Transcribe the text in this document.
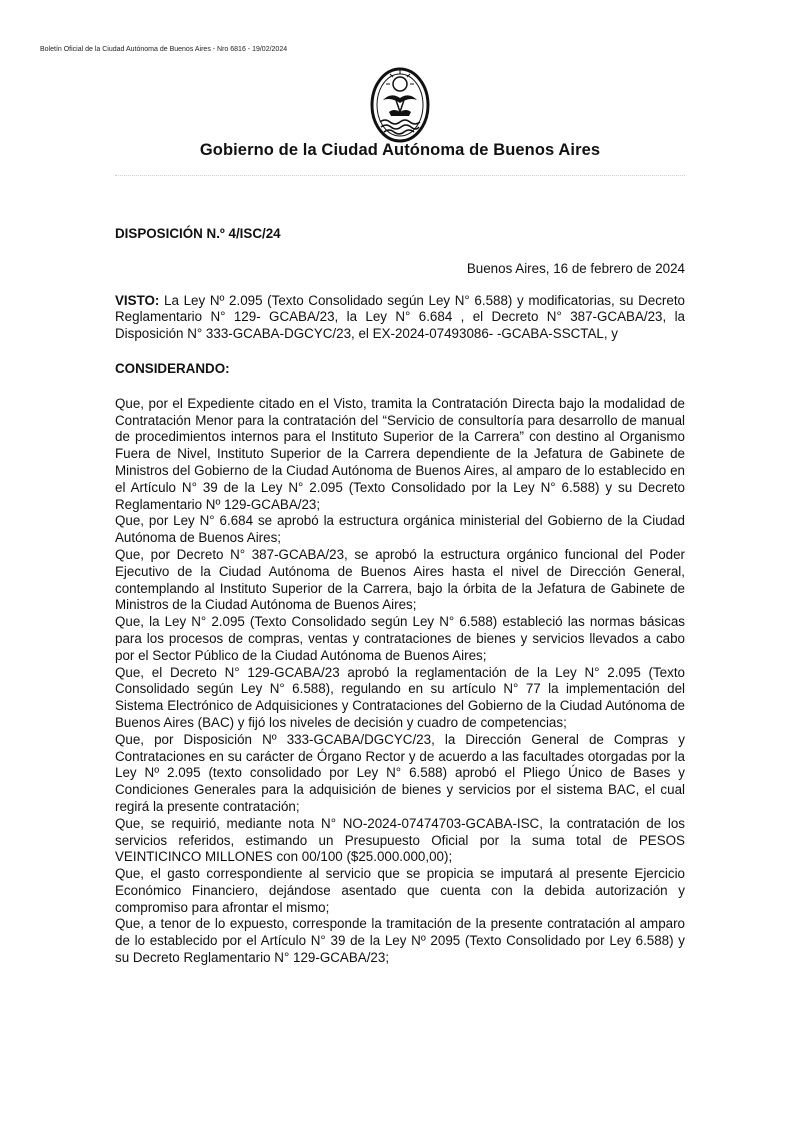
Boletín Oficial de la Ciudad Autónoma de Buenos Aires - Nro 6816 - 19/02/2024
Gobierno de la Ciudad Autónoma de Buenos Aires

DISPOSICIÓN N.º 4/ISC/24

Buenos Aires, 16 de febrero de 2024

VISTO: La Ley Nº 2.095 (Texto Consolidado según Ley N° 6.588) y modificatorias, su Decreto Reglamentario N° 129- GCABA/23, la Ley N° 6.684 , el Decreto N° 387-GCABA/23, la Disposición N° 333-GCABA-DGCYC/23, el EX-2024-07493086- -GCABA-SSCTAL, y

CONSIDERANDO:

Que, por el Expediente citado en el Visto, tramita la Contratación Directa bajo la modalidad de Contratación Menor para la contratación del “Servicio de consultoría para desarrollo de manual de procedimientos internos para el Instituto Superior de la Carrera” con destino al Organismo Fuera de Nivel, Instituto Superior de la Carrera dependiente de la Jefatura de Gabinete de Ministros del Gobierno de la Ciudad Autónoma de Buenos Aires, al amparo de lo establecido en el Artículo N° 39 de la Ley N° 2.095 (Texto Consolidado por la Ley N° 6.588) y su Decreto Reglamentario Nº 129-GCABA/23;

Que, por Ley N° 6.684 se aprobó la estructura orgánica ministerial del Gobierno de la Ciudad Autónoma de Buenos Aires;

Que, por Decreto N° 387-GCABA/23, se aprobó la estructura orgánico funcional del Poder Ejecutivo de la Ciudad Autónoma de Buenos Aires hasta el nivel de Dirección General, contemplando al Instituto Superior de la Carrera, bajo la órbita de la Jefatura de Gabinete de Ministros de la Ciudad Autónoma de Buenos Aires;

Que, la Ley N° 2.095 (Texto Consolidado según Ley N° 6.588) estableció las normas básicas para los procesos de compras, ventas y contrataciones de bienes y servicios llevados a cabo por el Sector Público de la Ciudad Autónoma de Buenos Aires;

Que, el Decreto N° 129-GCABA/23 aprobó la reglamentación de la Ley N° 2.095 (Texto Consolidado según Ley N° 6.588), regulando en su artículo N° 77 la implementación del Sistema Electrónico de Adquisiciones y Contrataciones del Gobierno de la Ciudad Autónoma de Buenos Aires (BAC) y fijó los niveles de decisión y cuadro de competencias;

Que, por Disposición Nº 333-GCABA/DGCYC/23, la Dirección General de Compras y Contrataciones en su carácter de Órgano Rector y de acuerdo a las facultades otorgadas por la Ley Nº 2.095 (texto consolidado por Ley N° 6.588) aprobó el Pliego Único de Bases y Condiciones Generales para la adquisición de bienes y servicios por el sistema BAC, el cual regirá la presente contratación;

Que, se requirió, mediante nota N° NO-2024-07474703-GCABA-ISC, la contratación de los servicios referidos, estimando un Presupuesto Oficial por la suma total de PESOS VEINTICINCO MILLONES con 00/100 ($25.000.000,00);

Que, el gasto correspondiente al servicio que se propicia se imputará al presente Ejercicio Económico Financiero, dejándose asentado que cuenta con la debida autorización y compromiso para afrontar el mismo;

Que, a tenor de lo expuesto, corresponde la tramitación de la presente contratación al amparo de lo establecido por el Artículo N° 39 de la Ley Nº 2095 (Texto Consolidado por Ley 6.588) y su Decreto Reglamentario N° 129-GCABA/23;
